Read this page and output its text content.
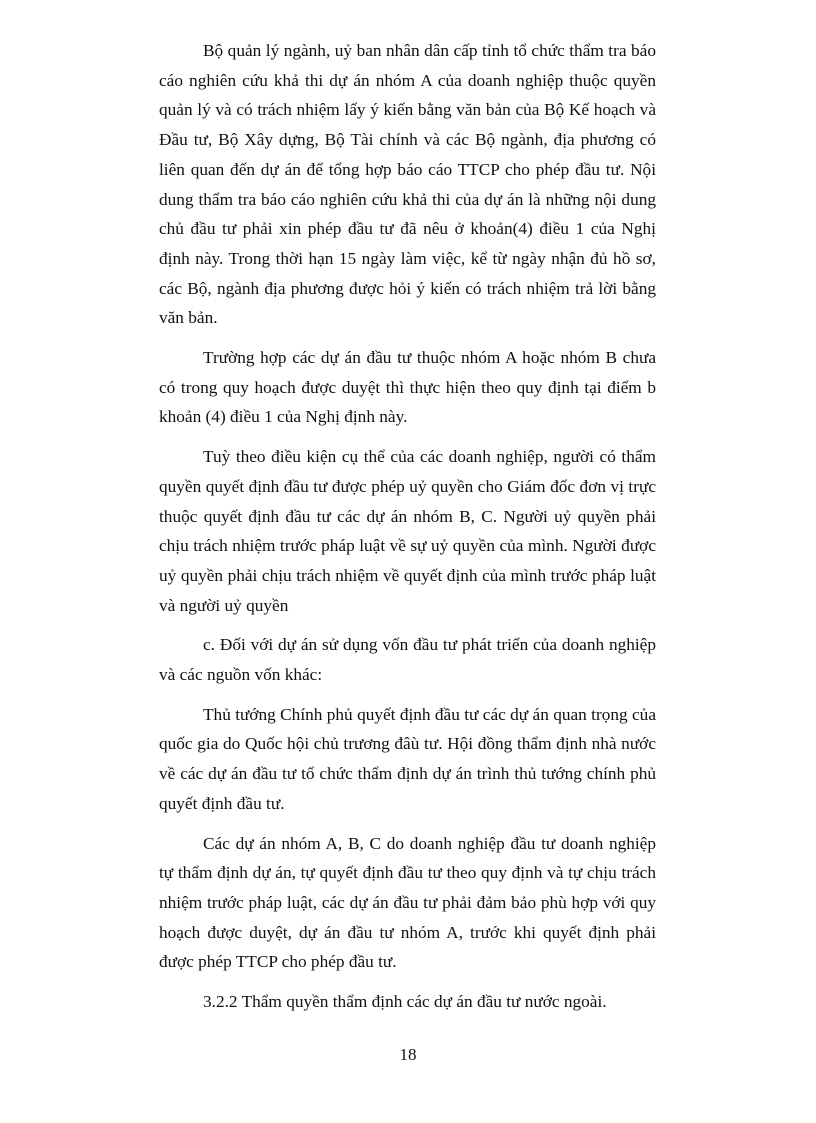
Bộ quản lý ngành, uỷ ban nhân dân cấp tỉnh tổ chức thẩm tra báo cáo nghiên cứu khả thi dự án nhóm A của doanh nghiệp thuộc quyền quản lý và có trách nhiệm lấy ý kiến bằng văn bản của Bộ Kế hoạch và Đầu tư, Bộ Xây dựng, Bộ Tài chính và các Bộ ngành, địa phương có liên quan đến dự án để tổng hợp báo cáo TTCP cho phép đầu tư. Nội dung thẩm tra báo cáo nghiên cứu khả thi của dự án là những nội dung chủ đầu tư phải xin phép đầu tư đã nêu ở khoản(4) điều 1 của Nghị định này. Trong thời hạn 15 ngày làm việc, kể từ ngày nhận đủ hồ sơ, các Bộ, ngành địa phương được hỏi ý kiến có trách nhiệm trả lời bằng văn bản.

Trường hợp các dự án đầu tư thuộc nhóm A hoặc nhóm B chưa có trong quy hoạch được duyệt thì thực hiện theo quy định tại điểm b khoản (4) điều 1 của Nghị định này.

Tuỳ theo điều kiện cụ thể của các doanh nghiệp, người có thẩm quyền quyết định đầu tư được phép uỷ quyền cho Giám đốc đơn vị trực thuộc quyết định đầu tư các dự án nhóm B, C. Người uỷ quyền phải chịu trách nhiệm trước pháp luật về sự uỷ quyền của mình. Người được uỷ quyền phải chịu trách nhiệm về quyết định của mình trước pháp luật và người uỷ quyền

c. Đối với dự án sử dụng vốn đầu tư phát triển của doanh nghiệp và các nguồn vốn khác:

Thủ tướng Chính phủ quyết định đầu tư các dự án quan trọng của quốc gia do Quốc hội chủ trương đâù tư. Hội đồng thẩm định nhà nước về các dự án đầu tư tổ chức thẩm định dự án trình thủ tướng chính phủ quyết định đầu tư.

Các dự án nhóm A, B, C do doanh nghiệp đầu tư doanh nghiệp tự thẩm định dự án, tự quyết định đầu tư theo quy định và tự chịu trách nhiệm trước pháp luật, các dự án đầu tư phải đảm bảo phù hợp với quy hoạch được duyệt, dự án đầu tư nhóm A, trước khi quyết định phải được phép TTCP cho phép đầu tư.

3.2.2 Thẩm quyền thẩm định các dự án đầu tư nước ngoài.

18
